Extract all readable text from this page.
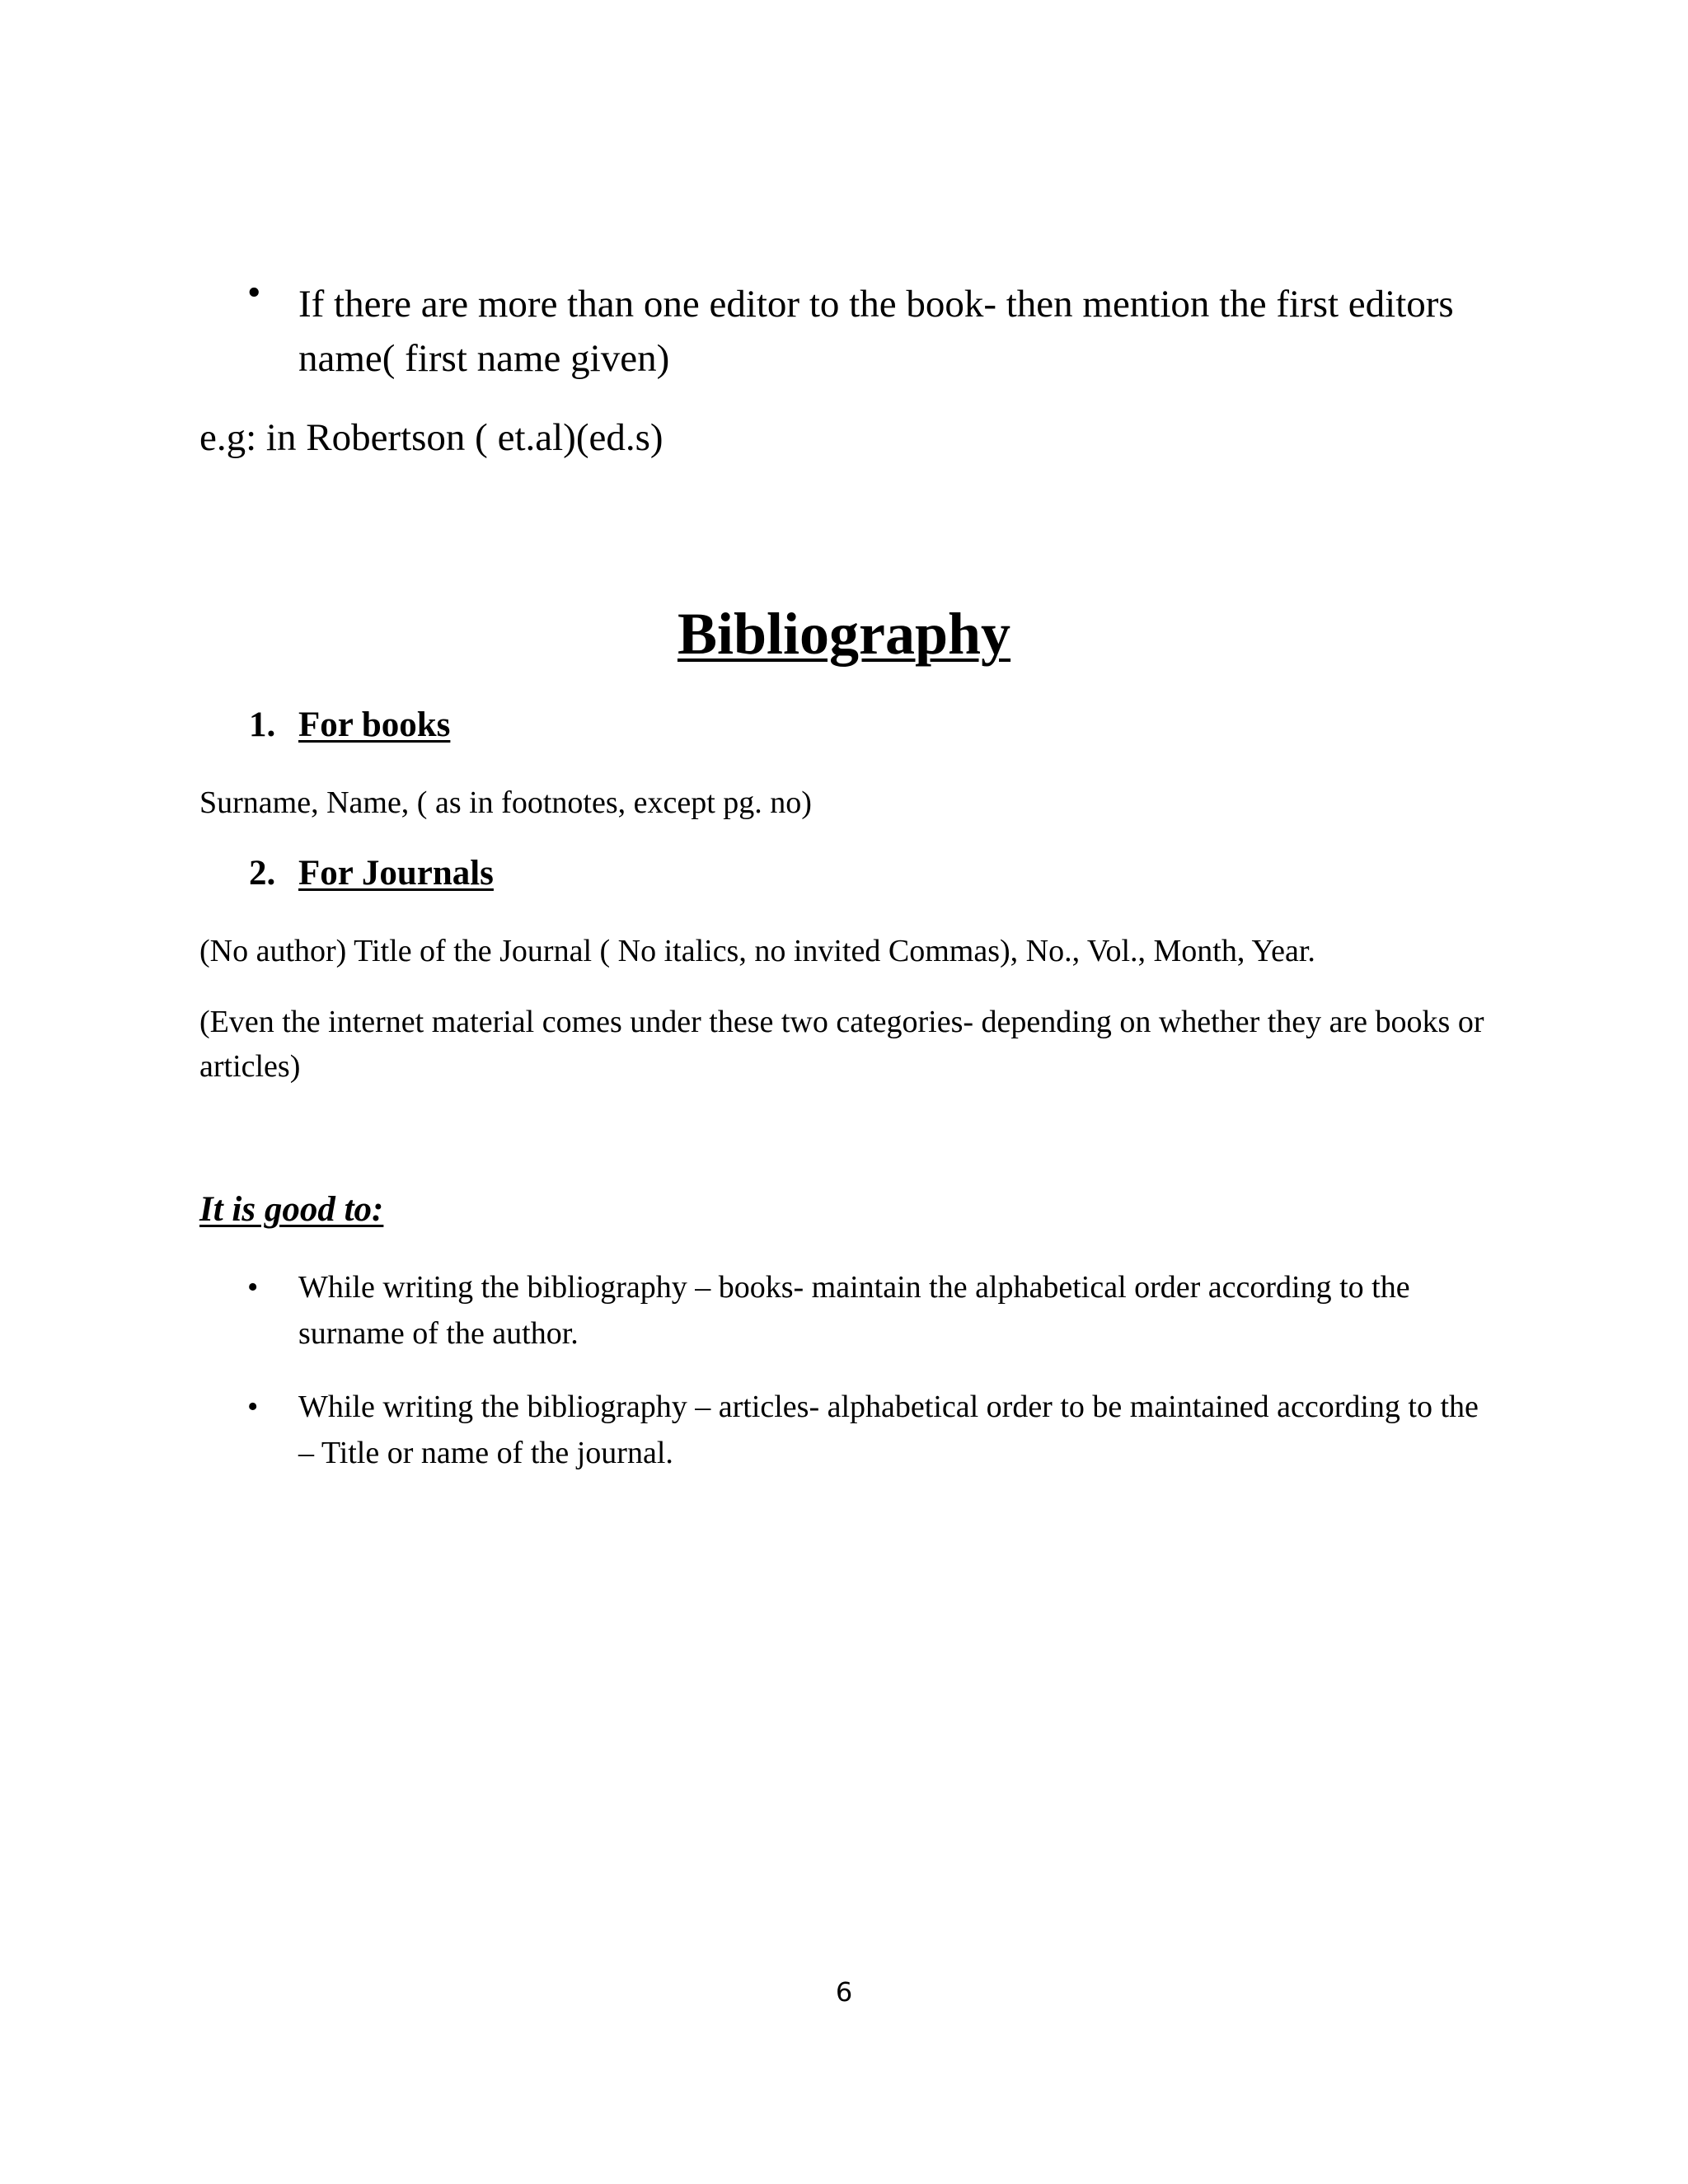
• If there are more than one editor to the book- then mention the first editors name( first name given)
e.g: in Robertson ( et.al)(ed.s)
Bibliography
1. For books
Surname, Name, ( as in footnotes, except pg. no)
2. For Journals
(No author) Title of the Journal ( No italics, no invited Commas), No., Vol., Month, Year.
(Even the internet material comes under these two categories- depending on whether they are books or articles)
It is good to:
• While writing the bibliography – books- maintain the alphabetical order according to the surname of the author.
• While writing the bibliography – articles- alphabetical order to be maintained according to the – Title or name of the journal.
6
